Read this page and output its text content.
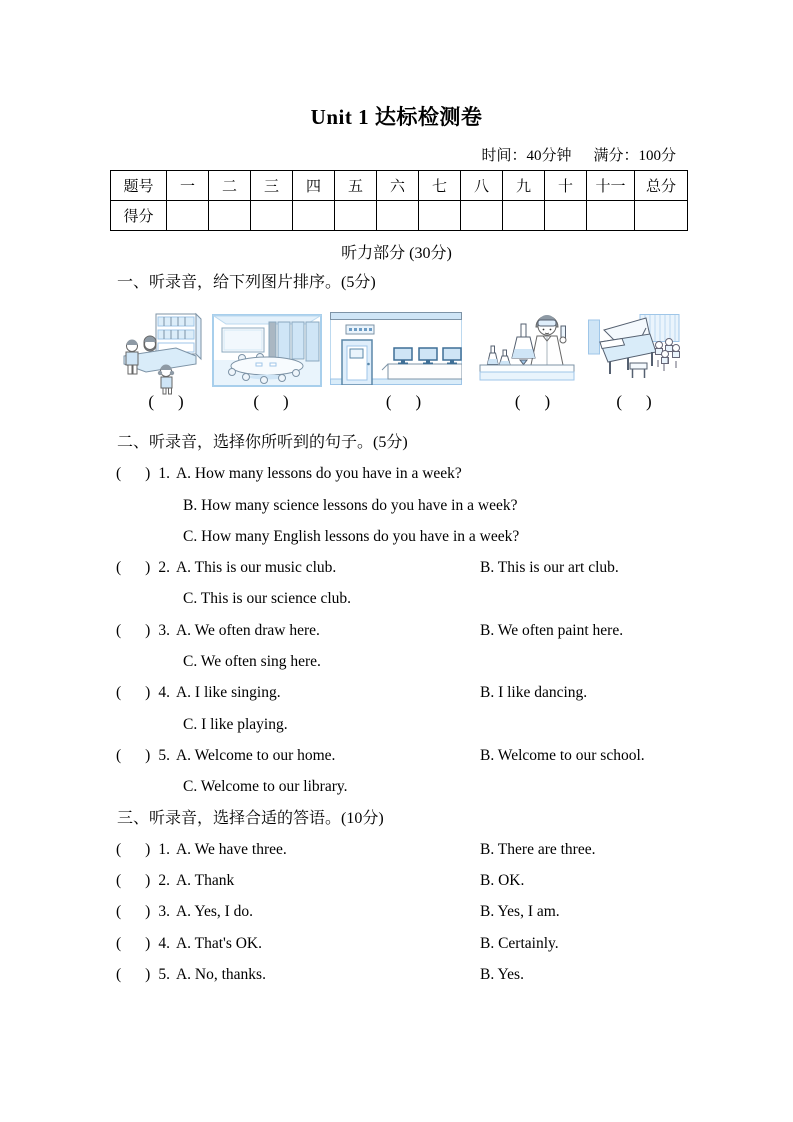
Unit 1 达标检测卷
时间：40分钟 满分：100分
题号	一	二	三	四	五	六	七	八	九	十	十一	总分
得分												
听力部分 (30分)
一、听录音，给下列图片排序。(5分)
( )	( )	( )	( )	( )
二、听录音，选择你所听到的句子。(5分)
( ) 1. A. How many lessons do you have in a week?
B. How many science lessons do you have in a week?
C. How many English lessons do you have in a week?
( ) 2. A. This is our music club.	B. This is our art club.
C. This is our science club.
( ) 3. A. We often draw here.	B. We often paint here.
C. We often sing here.
( ) 4. A. I like singing.	B. I like dancing.
C. I like playing.
( ) 5. A. Welcome to our home.	B. Welcome to our school.
C. Welcome to our library.
三、听录音，选择合适的答语。(10分)
( ) 1. A. We have three.	B. There are three.
( ) 2. A. Thank	B. OK.
( ) 3. A. Yes, I do.	B. Yes, I am.
( ) 4. A. That's OK.	B. Certainly.
( ) 5. A. No, thanks.	B. Yes.
